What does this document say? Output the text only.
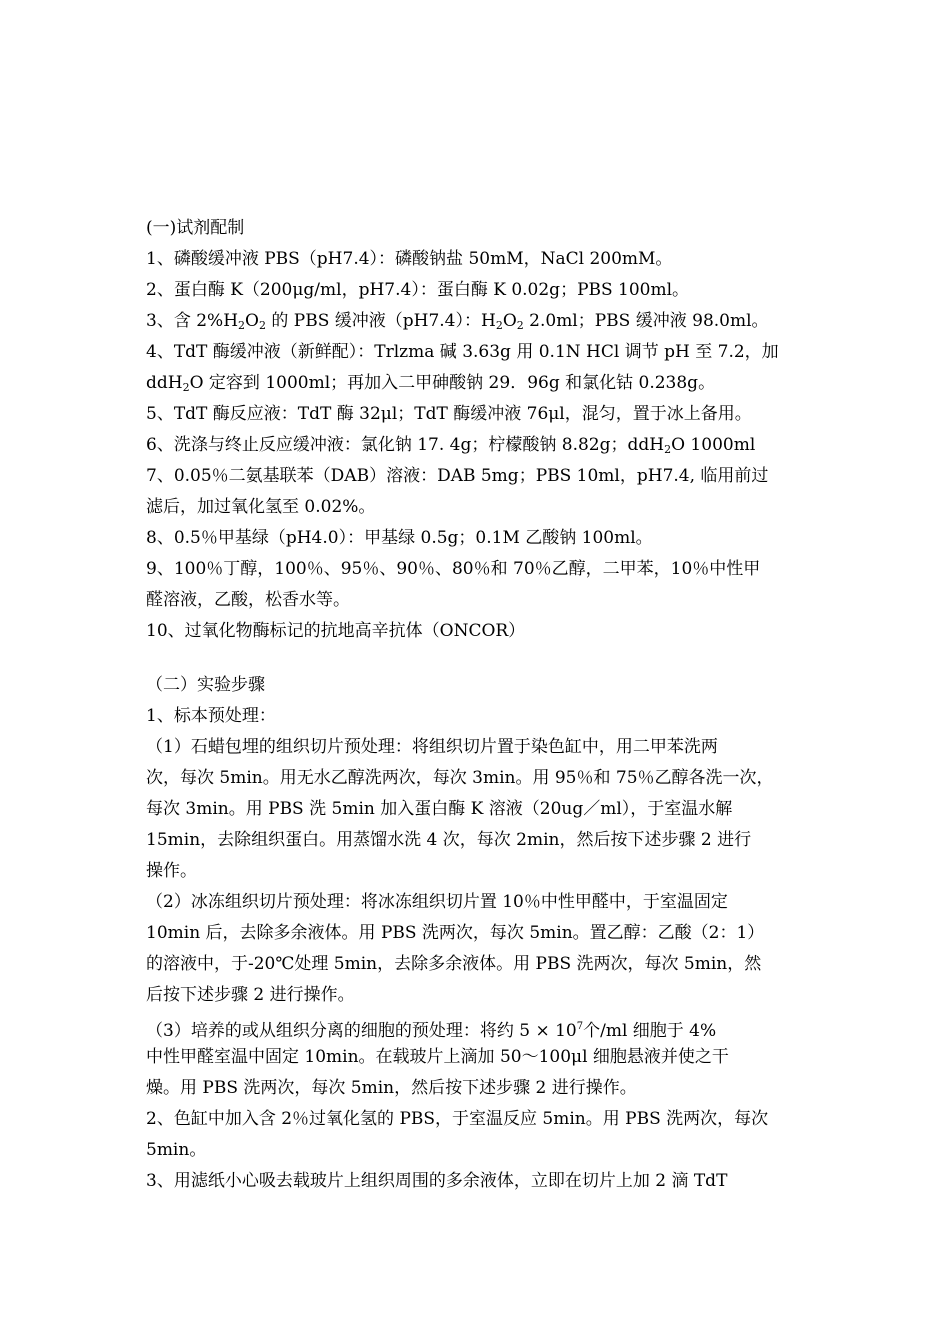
(一)试剂配制
1、磷酸缓冲液 PBS（pH7.4）：磷酸钠盐 50mM，NaCl 200mM。
2、蛋白酶 K（200μg/ml，pH7.4）：蛋白酶 K 0.02g；PBS 100ml。
3、含 $2\%H_2O_2$ 的 PBS 缓冲液（pH7.4）：$H_2O_2$ 2.0ml；PBS 缓冲液 98.0ml。
4、TdT 酶缓冲液（新鲜配）：Trlzma 碱 3.63g 用 0.1N HCl 调节 pH 至 7.2，加
ddH$_2$O 定容到 1000ml；再加入二甲砷酸钠 29．96g 和氯化钴 0.238g。
5、TdT 酶反应液：TdT 酶 32μl；TdT 酶缓冲液 76μl，混匀，置于冰上备用。
6、洗涤与终止反应缓冲液：氯化钠 17. 4g；柠檬酸钠 8.82g；ddH$_2$O 1000ml
7、0.05％二氨基联苯（DAB）溶液：DAB 5mg；PBS 10ml，pH7.4, 临用前过
滤后，加过氧化氢至 0.02%。
8、0.5％甲基绿（pH4.0）：甲基绿 0.5g；0.1M 乙酸钠 100ml。
9、100％丁醇，100％、95％、90％、80％和 70％乙醇，二甲苯，10％中性甲
醛溶液，乙酸，松香水等。
10、过氧化物酶标记的抗地高辛抗体（ONCOR）
（二）实验步骤
1、标本预处理：
（1）石蜡包埋的组织切片预处理：将组织切片置于染色缸中，用二甲苯洗两
次，每次 5min。用无水乙醇洗两次，每次 3min。用 95％和 75％乙醇各洗一次，
每次 3min。用 PBS 洗 5min 加入蛋白酶 K 溶液（20ug／ml），于室温水解
15min，去除组织蛋白。用蒸馏水洗 4 次，每次 2min，然后按下述步骤 2 进行
操作。
（2）冰冻组织切片预处理：将冰冻组织切片置 10％中性甲醛中，于室温固定
10min 后，去除多余液体。用 PBS 洗两次，每次 5min。置乙醇：乙酸（2：1）
的溶液中，于-20℃处理 5min，去除多余液体。用 PBS 洗两次，每次 5min，然
后按下述步骤 2 进行操作。
（3）培养的或从组织分离的细胞的预处理：将约 $5 \times 10^7$个/ml 细胞于 4%
中性甲醛室温中固定 10min。在载玻片上滴加 50～100μl 细胞悬液并使之干
燥。用 PBS 洗两次，每次 5min，然后按下述步骤 2 进行操作。
2、色缸中加入含 2％过氧化氢的 PBS，于室温反应 5min。用 PBS 洗两次，每次
5min。
3、用滤纸小心吸去载玻片上组织周围的多余液体，立即在切片上加 2 滴 TdT
